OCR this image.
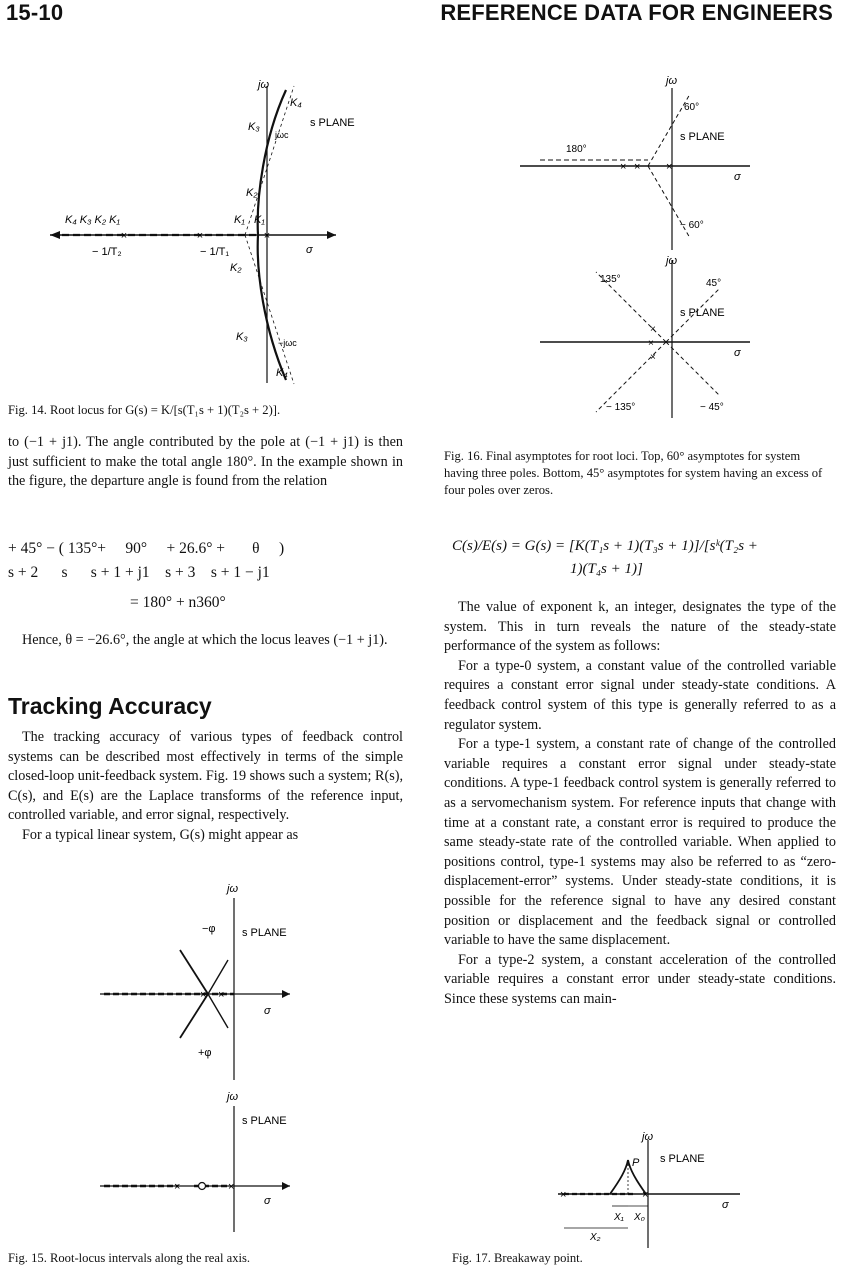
15-10	REFERENCE DATA FOR ENGINEERS
×	×	×
jω
K₄
s PLANE
K₃
jωc
K₂
K₁ K₁
K₄ K₃ K₂ K₁
− 1/T₂	− 1/T₁	σ
K₂
K₃	−jωc
K₄
Fig. 14. Root locus for G(s) = K/[s(T₁s + 1)(T₂s + 2)].

to (−1 + j1). The angle contributed by the pole at (−1 + j1) is then just sufficient to make the total angle 180°. In the example shown in the figure, the departure angle is found from the relation

+ 45° − ( 135°+     90°     + 26.6° +       θ     )
s + 2      s      s + 1 + j1    s + 3    s + 1 − j1
= 180° + n360°

Hence, θ = −26.6°, the angle at which the locus leaves (−1 + j1).

Tracking Accuracy

The tracking accuracy of various types of feedback control systems can be described most effectively in terms of the simple closed-loop unit-feedback system. Fig. 19 shows such a system; R(s), C(s), and E(s) are the Laplace transforms of the reference input, controlled variable, and error signal, respectively.

For a typical linear system, G(s) might appear as

× ×
jω
−φ s PLANE
σ
+φ
×	×
jω
s PLANE
σ
Fig. 15. Root-locus intervals along the real axis.
× × ×
jω
60°
s PLANE
180°
σ
− 60°
×
×
×
jω
135°	45°
s PLANE
σ
− 135°	− 45°
Fig. 16. Final asymptotes for root loci. Top, 60° asymptotes for system having three poles. Bottom, 45° asymptotes for system having an excess of four poles over zeros.
C(s)/E(s) = G(s) = [K(T₁s + 1)(T₃s + 1)]/[sᵏ(T₂s +
1)(T₄s + 1)]

The value of exponent k, an integer, designates the type of the system. This in turn reveals the nature of the steady-state performance of the system as follows:

For a type-0 system, a constant value of the controlled variable requires a constant error signal under steady-state conditions. A feedback control system of this type is generally referred to as a regulator system.

For a type-1 system, a constant rate of change of the controlled variable requires a constant error signal under steady-state conditions. A type-1 feedback control system is generally referred to as a servomechanism system. For reference inputs that change with time at a constant rate, a constant error is required to produce the same steady-state rate of the controlled variable. When applied to positions control, type-1 systems may also be referred to as “zero-displacement-error” systems. Under steady-state conditions, it is possible for the reference signal to have any desired constant position or displacement and the feedback signal or controlled variable to have the same displacement.

For a type-2 system, a constant acceleration of the controlled variable requires a constant error under steady-state conditions. Since these systems can main-

×	×
jω
s PLANE
P
σ
X₁ X₀
X₂
Fig. 17. Breakaway point.
